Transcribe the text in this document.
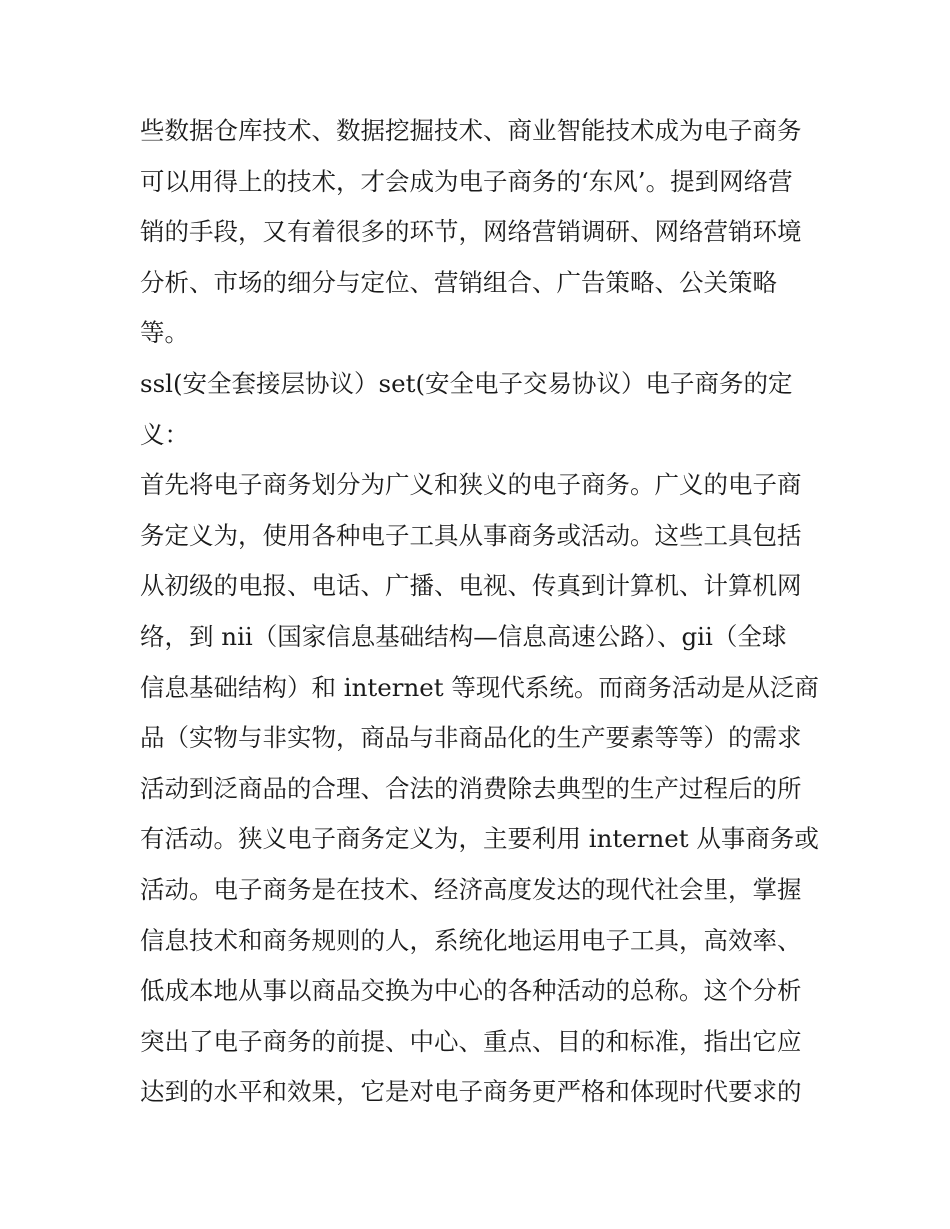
些数据仓库技术、数据挖掘技术、商业智能技术成为电子商务
可以用得上的技术，才会成为电子商务的‘东风’。提到网络营
销的手段，又有着很多的环节，网络营销调研、网络营销环境
分析、市场的细分与定位、营销组合、广告策略、公关策略
等。
ssl(安全套接层协议）set(安全电子交易协议）电子商务的定
义：
首先将电子商务划分为广义和狭义的电子商务。广义的电子商
务定义为，使用各种电子工具从事商务或活动。这些工具包括
从初级的电报、电话、广播、电视、传真到计算机、计算机网
络，到 nii（国家信息基础结构—信息高速公路）、gii（全球
信息基础结构）和 internet 等现代系统。而商务活动是从泛商
品（实物与非实物，商品与非商品化的生产要素等等）的需求
活动到泛商品的合理、合法的消费除去典型的生产过程后的所
有活动。狭义电子商务定义为，主要利用 internet 从事商务或
活动。电子商务是在技术、经济高度发达的现代社会里，掌握
信息技术和商务规则的人，系统化地运用电子工具，高效率、
低成本地从事以商品交换为中心的各种活动的总称。这个分析
突出了电子商务的前提、中心、重点、目的和标准，指出它应
达到的水平和效果，它是对电子商务更严格和体现时代要求的
